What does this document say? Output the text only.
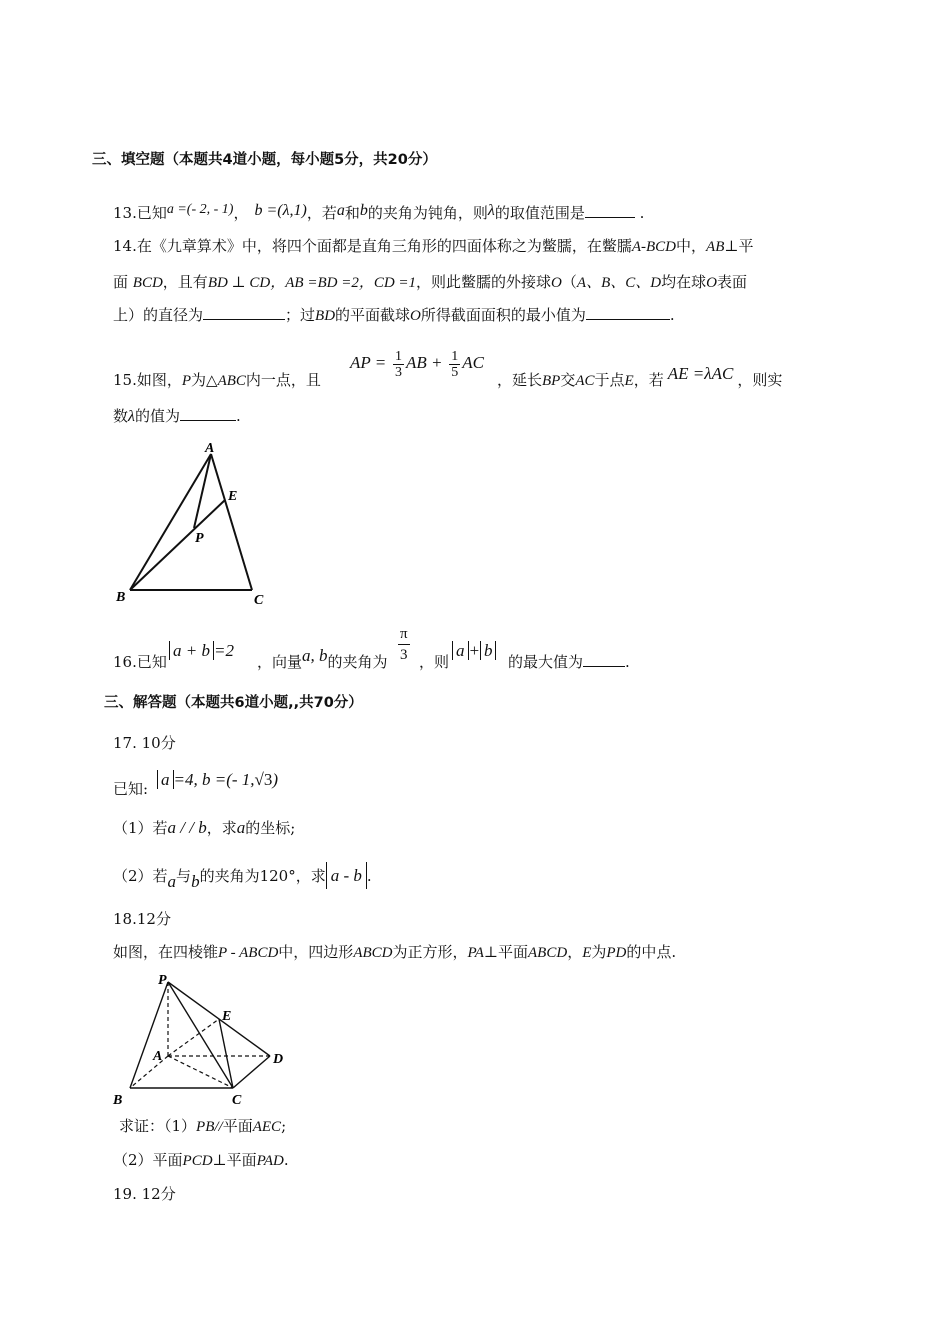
三、填空题（本题共4道小题，每小题5分，共20分）
13.已知a =(- 2, - 1)， b =(λ,1)，若a和b的夹角为钝角，则λ的取值范围是	.
14.在《九章算术》中，将四个面都是直角三角形的四面体称之为鳖臑，在鳖臑A-BCD中，AB⊥平
面 BCD，且有BD ⊥ CD，AB =BD =2，CD =1，则此鳖臑的外接球O（A、B、C、D均在球O表面
上）的直径为	；过BD的平面截球O所得截面面积的最小值为	.
15.如图，P为△ABC内一点，且
AP = $\frac{1}{3}$ AB + $\frac{1}{5}$ AC
，延长BP交AC于点E，若 AE =λAC ，则实
数λ的值为	.
A
B	C
E
P
16.已知
a + b =2
，向量a, b的夹角为 $\frac{\pi}{3}$ ，则
a + b
的最大值为	.
三、解答题（本题共6道小题,,共70分）
17. 10分
已知: a =4, b =(- 1,√3)
（1）若a / / b，求a的坐标;
（2）若a与b的夹角为120°，求 a - b .
18.12分
如图，在四棱锥P - ABCD中，四边形ABCD为正方形，PA⊥平面ABCD，E为PD的中点.
P
E
A	D
B	C
求证：（1）PB//平面AEC;
（2）平面PCD⊥平面PAD.
19. 12分
